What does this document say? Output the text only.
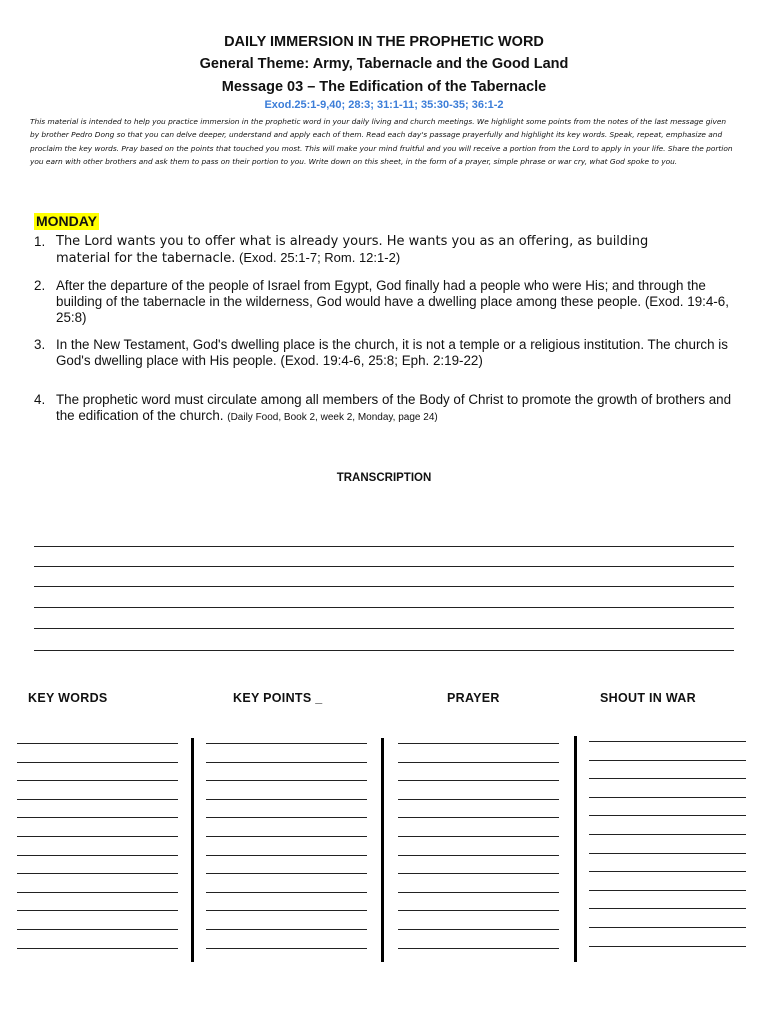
DAILY IMMERSION IN THE PROPHETIC WORD
General Theme: Army, Tabernacle and the Good Land
Message 03 – The Edification of the Tabernacle
Exod.25:1-9,40; 28:3; 31:1-11; 35:30-35; 36:1-2
This material is intended to help you practice immersion in the prophetic word in your daily living and church meetings. We highlight some points from the notes of the last message given by brother Pedro Dong so that you can delve deeper, understand and apply each of them. Read each day's passage prayerfully and highlight its key words. Speak, repeat, emphasize and proclaim the key words. Pray based on the points that touched you most. This will make your mind fruitful and you will receive a portion from the Lord to apply in your life. Share the portion you earn with other brothers and ask them to pass on their portion to you. Write down on this sheet, in the form of a prayer, simple phrase or war cry, what God spoke to you.
MONDAY
1. The Lord wants you to offer what is already yours. He wants you as an offering, as building
material for the tabernacle. (Exod. 25:1-7; Rom. 12:1-2)
2. After the departure of the people of Israel from Egypt, God finally had a people who were His; and through the building of the tabernacle in the wilderness, God would have a dwelling place among these people. (Exod. 19:4-6, 25:8)
3. In the New Testament, God's dwelling place is the church, it is not a temple or a religious institution. The church is God's dwelling place with His people. (Exod. 19:4-6, 25:8; Eph. 2:19-22)
4. The prophetic word must circulate among all members of the Body of Christ to promote the growth of brothers and the edification of the church. (Daily Food, Book 2, week 2, Monday, page 24)
TRANSCRIPTION
KEY WORDS	KEY POINTS _	PRAYER	SHOUT IN WAR
